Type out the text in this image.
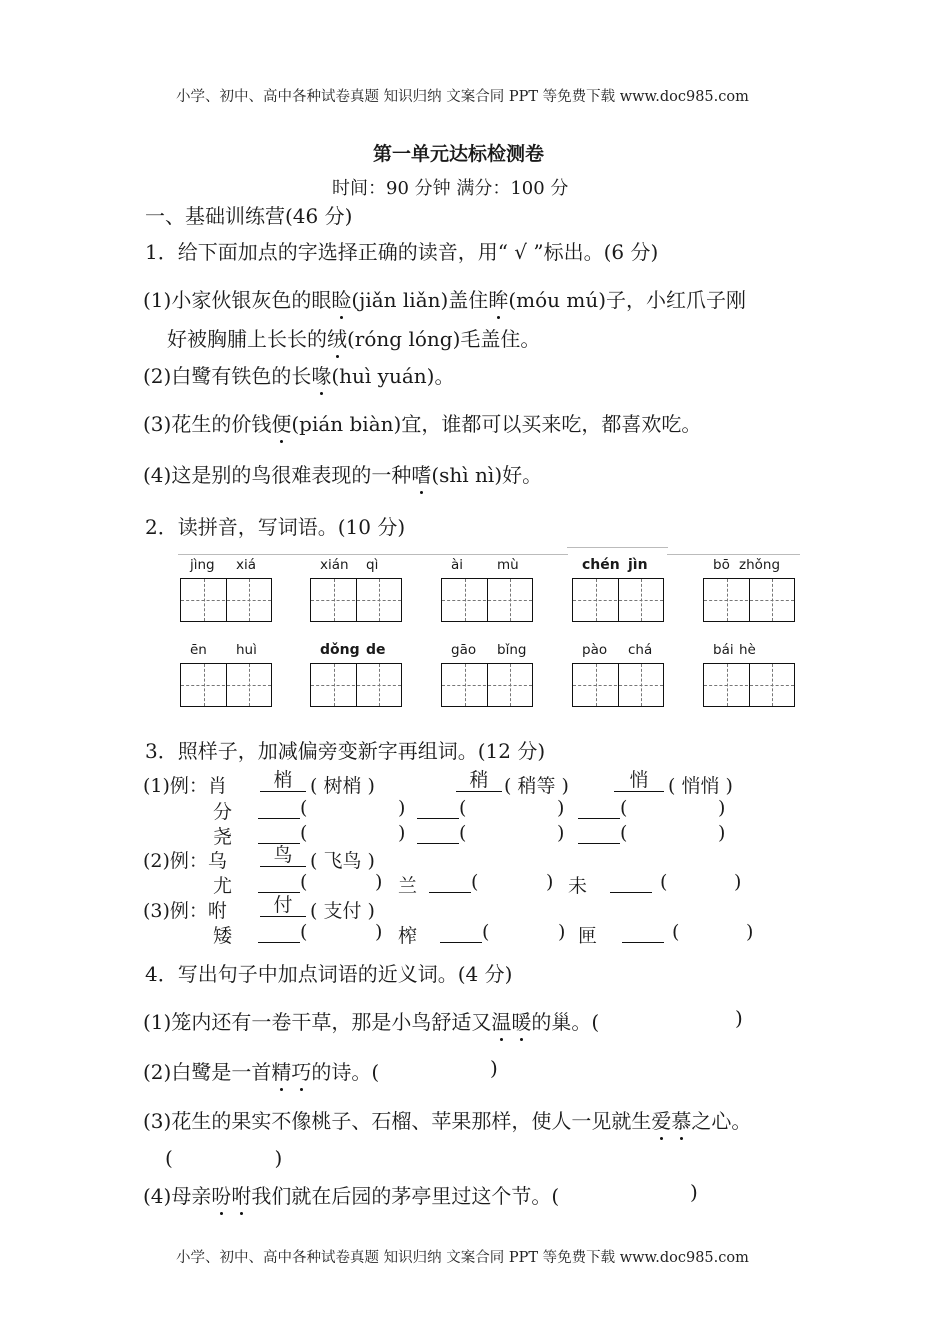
小学、初中、高中各种试卷真题 知识归纳 文案合同 PPT 等免费下载 www.doc985.com
小学、初中、高中各种试卷真题 知识归纳 文案合同 PPT 等免费下载 www.doc985.com
第一单元达标检测卷
时间：90 分钟 满分：100 分
一、基础训练营(46 分)
1．给下面加点的字选择正确的读音，用“ √ ”标出。(6 分)
(1)小家伙银灰色的眼睑(jiǎn liǎn)盖住眸(móu mú)子，小红爪子刚
好被胸脯上长长的绒(róng lóng)毛盖住。
(2)白鹭有铁色的长喙(huì yuán)。
(3)花生的价钱便(pián biàn)宜，谁都可以买来吃，都喜欢吃。
(4)这是别的鸟很难表现的一种嗜(shì nì)好。
2．读拼音，写词语。(10 分)
jìng xiá	xián qì	ài	mù	chén jìn	bō zhǒng
ēn huì	dǒng de	gāo bǐng	pào chá	bái hè
3．照样子，加减偏旁变新字再组词。(12 分)
(1)例：肖	梢 ( 树梢 )	稍 ( 稍等 )	悄	( 悄悄 )
分	(	)	(	)	(	)
尧	(	)	(	)	(	)
(2)例：乌	鸟 ( 飞鸟 )
尤	(	) 兰	(	) 未	(	)
(3)例：咐	付 ( 支付 )
矮	(	) 榨	(	) 匣	(	)
4．写出句子中加点词语的近义词。(4 分)
(1)笼内还有一卷干草，那是小鸟舒适又温暖的巢。(	)
(2)白鹭是一首精巧的诗。(	)
(3)花生的果实不像桃子、石榴、苹果那样，使人一见就生爱慕之心。
(                )
(4)母亲吩咐我们就在后园的茅亭里过这个节。(	)
